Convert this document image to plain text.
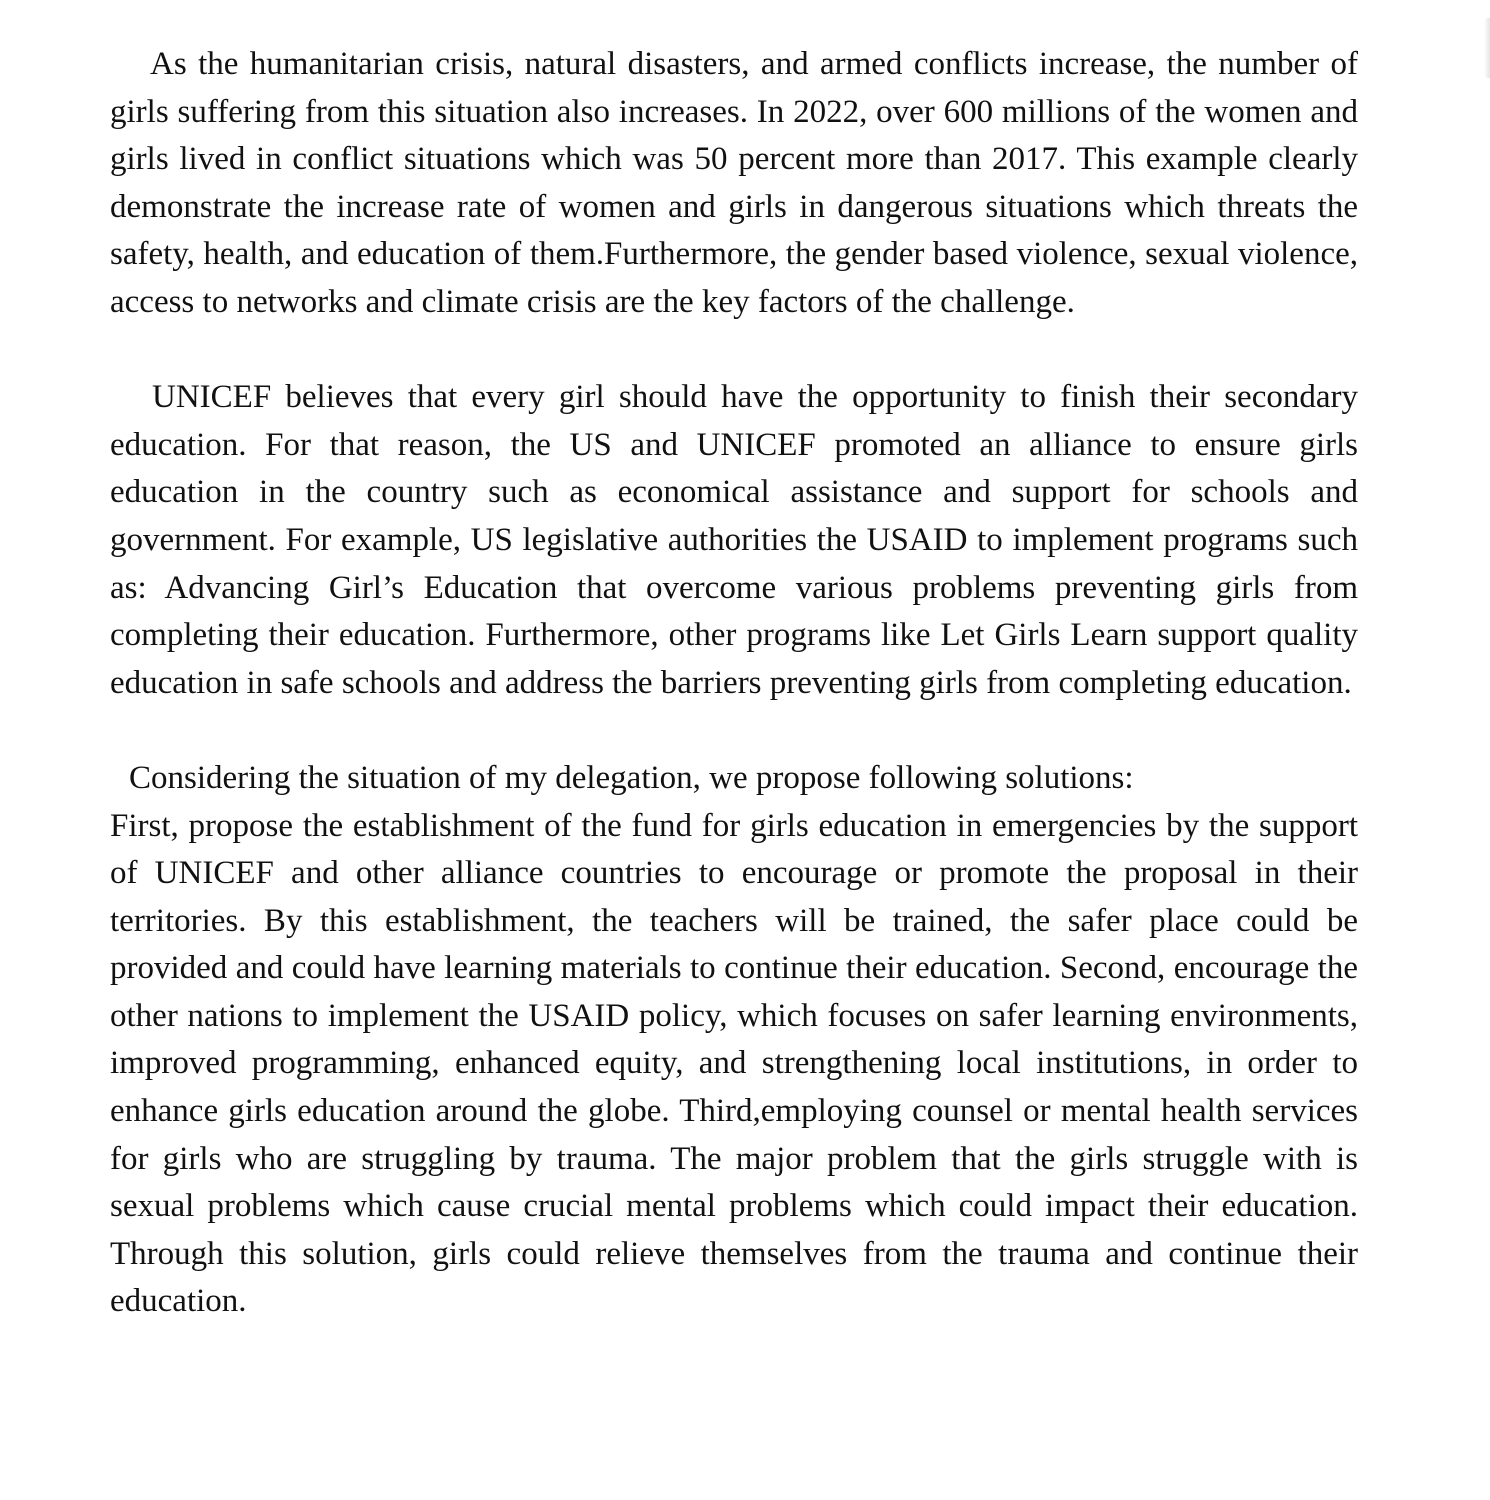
As the humanitarian crisis, natural disasters, and armed conflicts increase, the number of girls suffering from this situation also increases. In 2022, over 600 millions of the women and girls lived in conflict situations which was 50 percent more than 2017. This example clearly demonstrate the increase rate of women and girls in dangerous situations which threats the safety, health, and education of them.Furthermore, the gender based violence, sexual violence, access to networks and climate crisis are the key factors of the challenge.

UNICEF believes that every girl should have the opportunity to finish their secondary education. For that reason, the US and UNICEF promoted an alliance to ensure girls education in the country such as economical assistance and support for schools and government. For example, US legislative authorities the USAID to implement programs such as: Advancing Girl’s Education that overcome various problems preventing girls from completing their education. Furthermore, other programs like Let Girls Learn support quality education in safe schools and address the barriers preventing girls from completing education.

Considering the situation of my delegation, we propose following solutions:

First, propose the establishment of the fund for girls education in emergencies by the support of UNICEF and other alliance countries to encourage or promote the proposal in their territories. By this establishment, the teachers will be trained, the safer place could be provided and could have learning materials to continue their education. Second, encourage the other nations to implement the USAID policy, which focuses on safer learning environments, improved programming, enhanced equity, and strengthening local institutions, in order to enhance girls education around the globe. Third,employing counsel or mental health services for girls who are struggling by trauma. The major problem that the girls struggle with is sexual problems which cause crucial mental problems which could impact their education. Through this solution, girls could relieve themselves from the trauma and continue their education.
